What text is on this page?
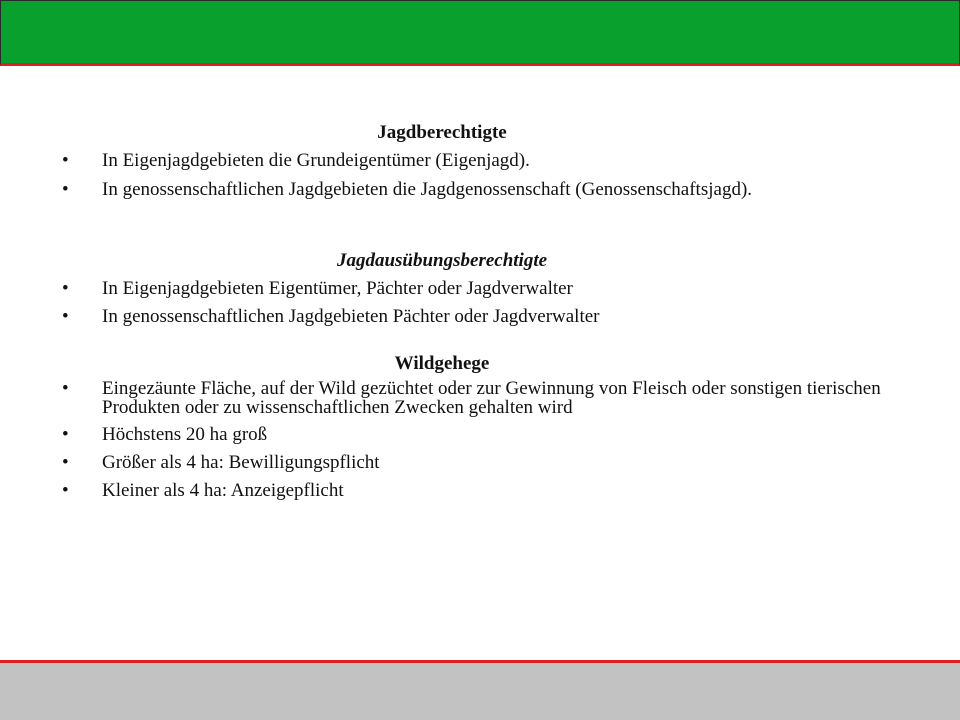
Jagdberechtigte

• In Eigenjagdgebieten die Grundeigentümer (Eigenjagd).
• In genossenschaftlichen Jagdgebieten die Jagdgenossenschaft (Genossenschaftsjagd).

Jagdausübungsberechtigte

• In Eigenjagdgebieten Eigentümer, Pächter oder Jagdverwalter
• In genossenschaftlichen Jagdgebieten Pächter oder Jagdverwalter

Wildgehege

• Eingezäunte Fläche, auf der Wild gezüchtet oder zur Gewinnung von Fleisch oder sonstigen tierischen Produkten oder zu wissenschaftlichen Zwecken gehalten wird
• Höchstens 20 ha groß
• Größer als 4 ha: Bewilligungspflicht
• Kleiner als 4 ha: Anzeigepflicht
